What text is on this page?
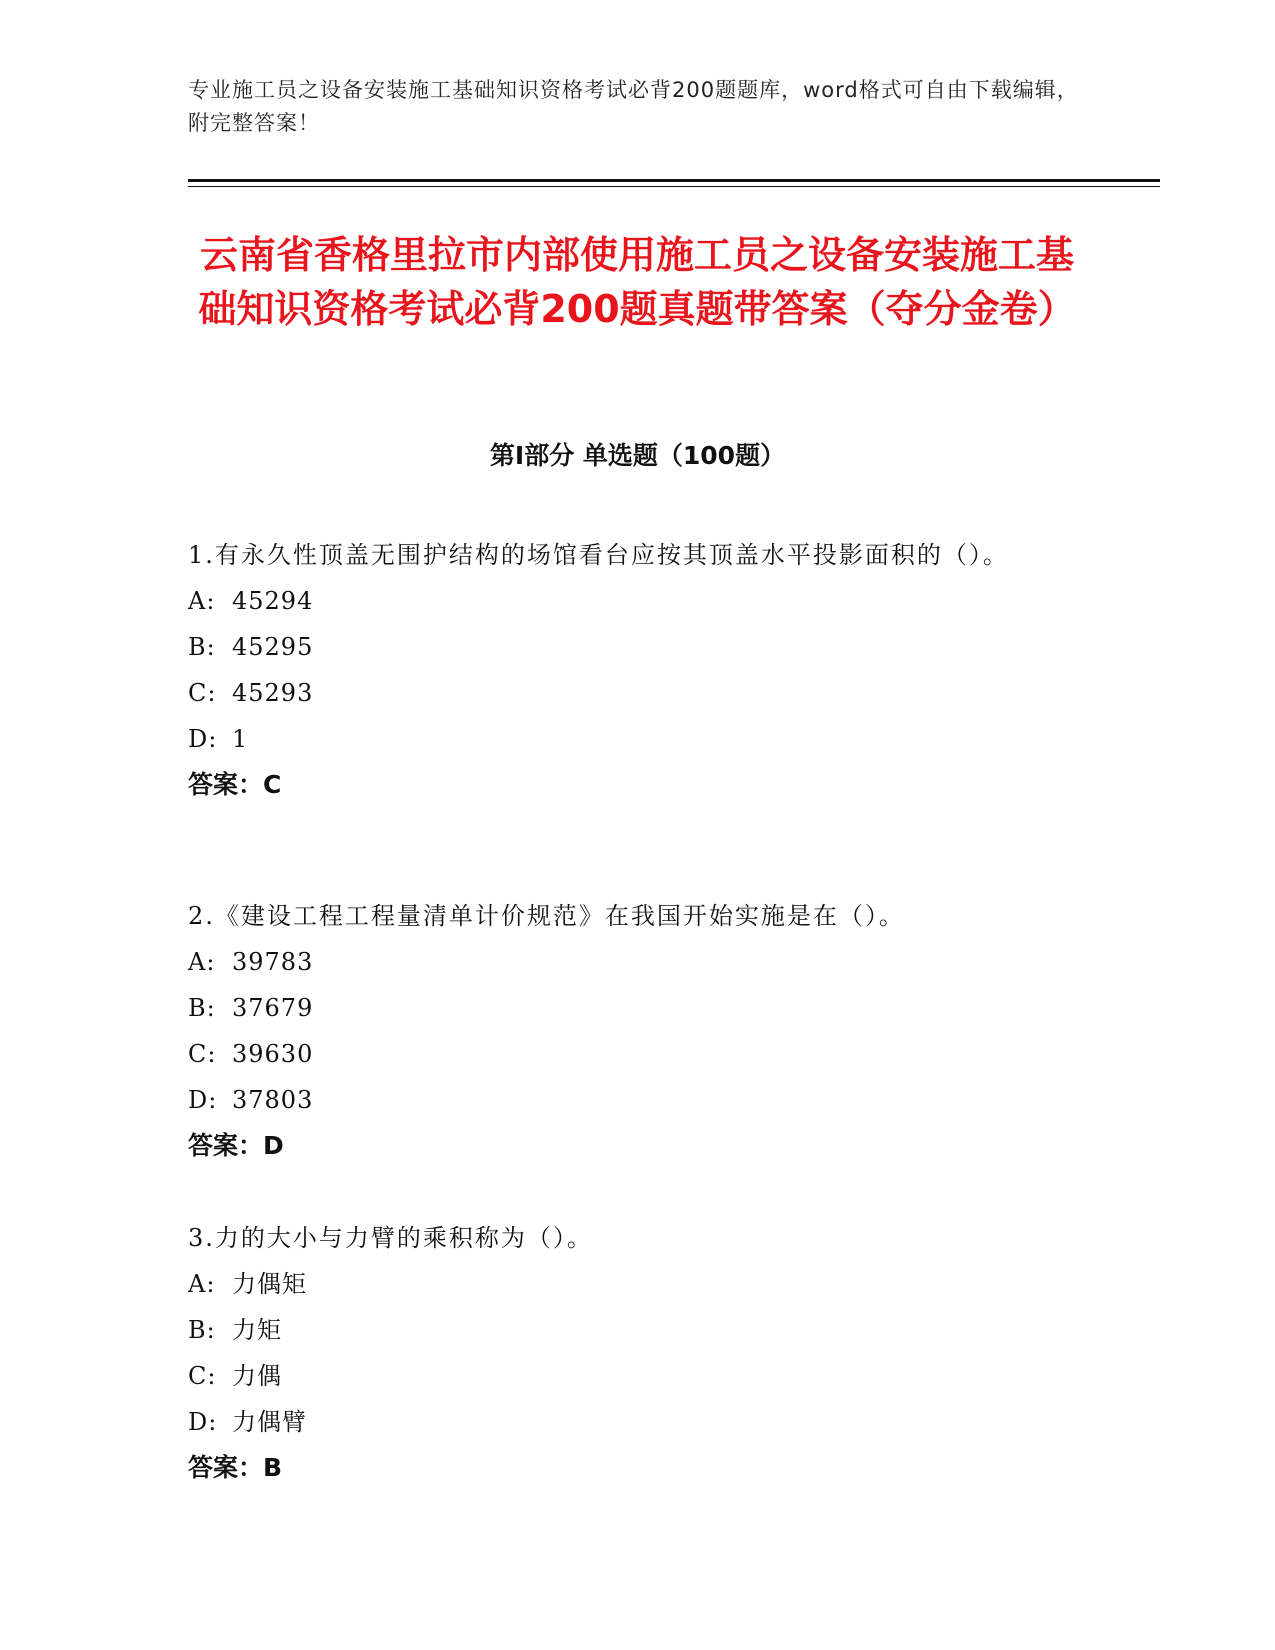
专业施工员之设备安装施工基础知识资格考试必背200题题库，word格式可自由下载编辑，附完整答案！
云南省香格里拉市内部使用施工员之设备安装施工基础知识资格考试必背200题真题带答案（夺分金卷）
第I部分 单选题（100题）

1.有永久性顶盖无围护结构的场馆看台应按其顶盖水平投影面积的（）。

A: 45294

B: 45295

C: 45293

D: 1

答案：C

2.《建设工程工程量清单计价规范》在我国开始实施是在（）。

A: 39783

B: 37679

C: 39630

D: 37803

答案：D

3.力的大小与力臂的乘积称为（）。

A: 力偶矩

B: 力矩

C: 力偶

D: 力偶臂

答案：B
